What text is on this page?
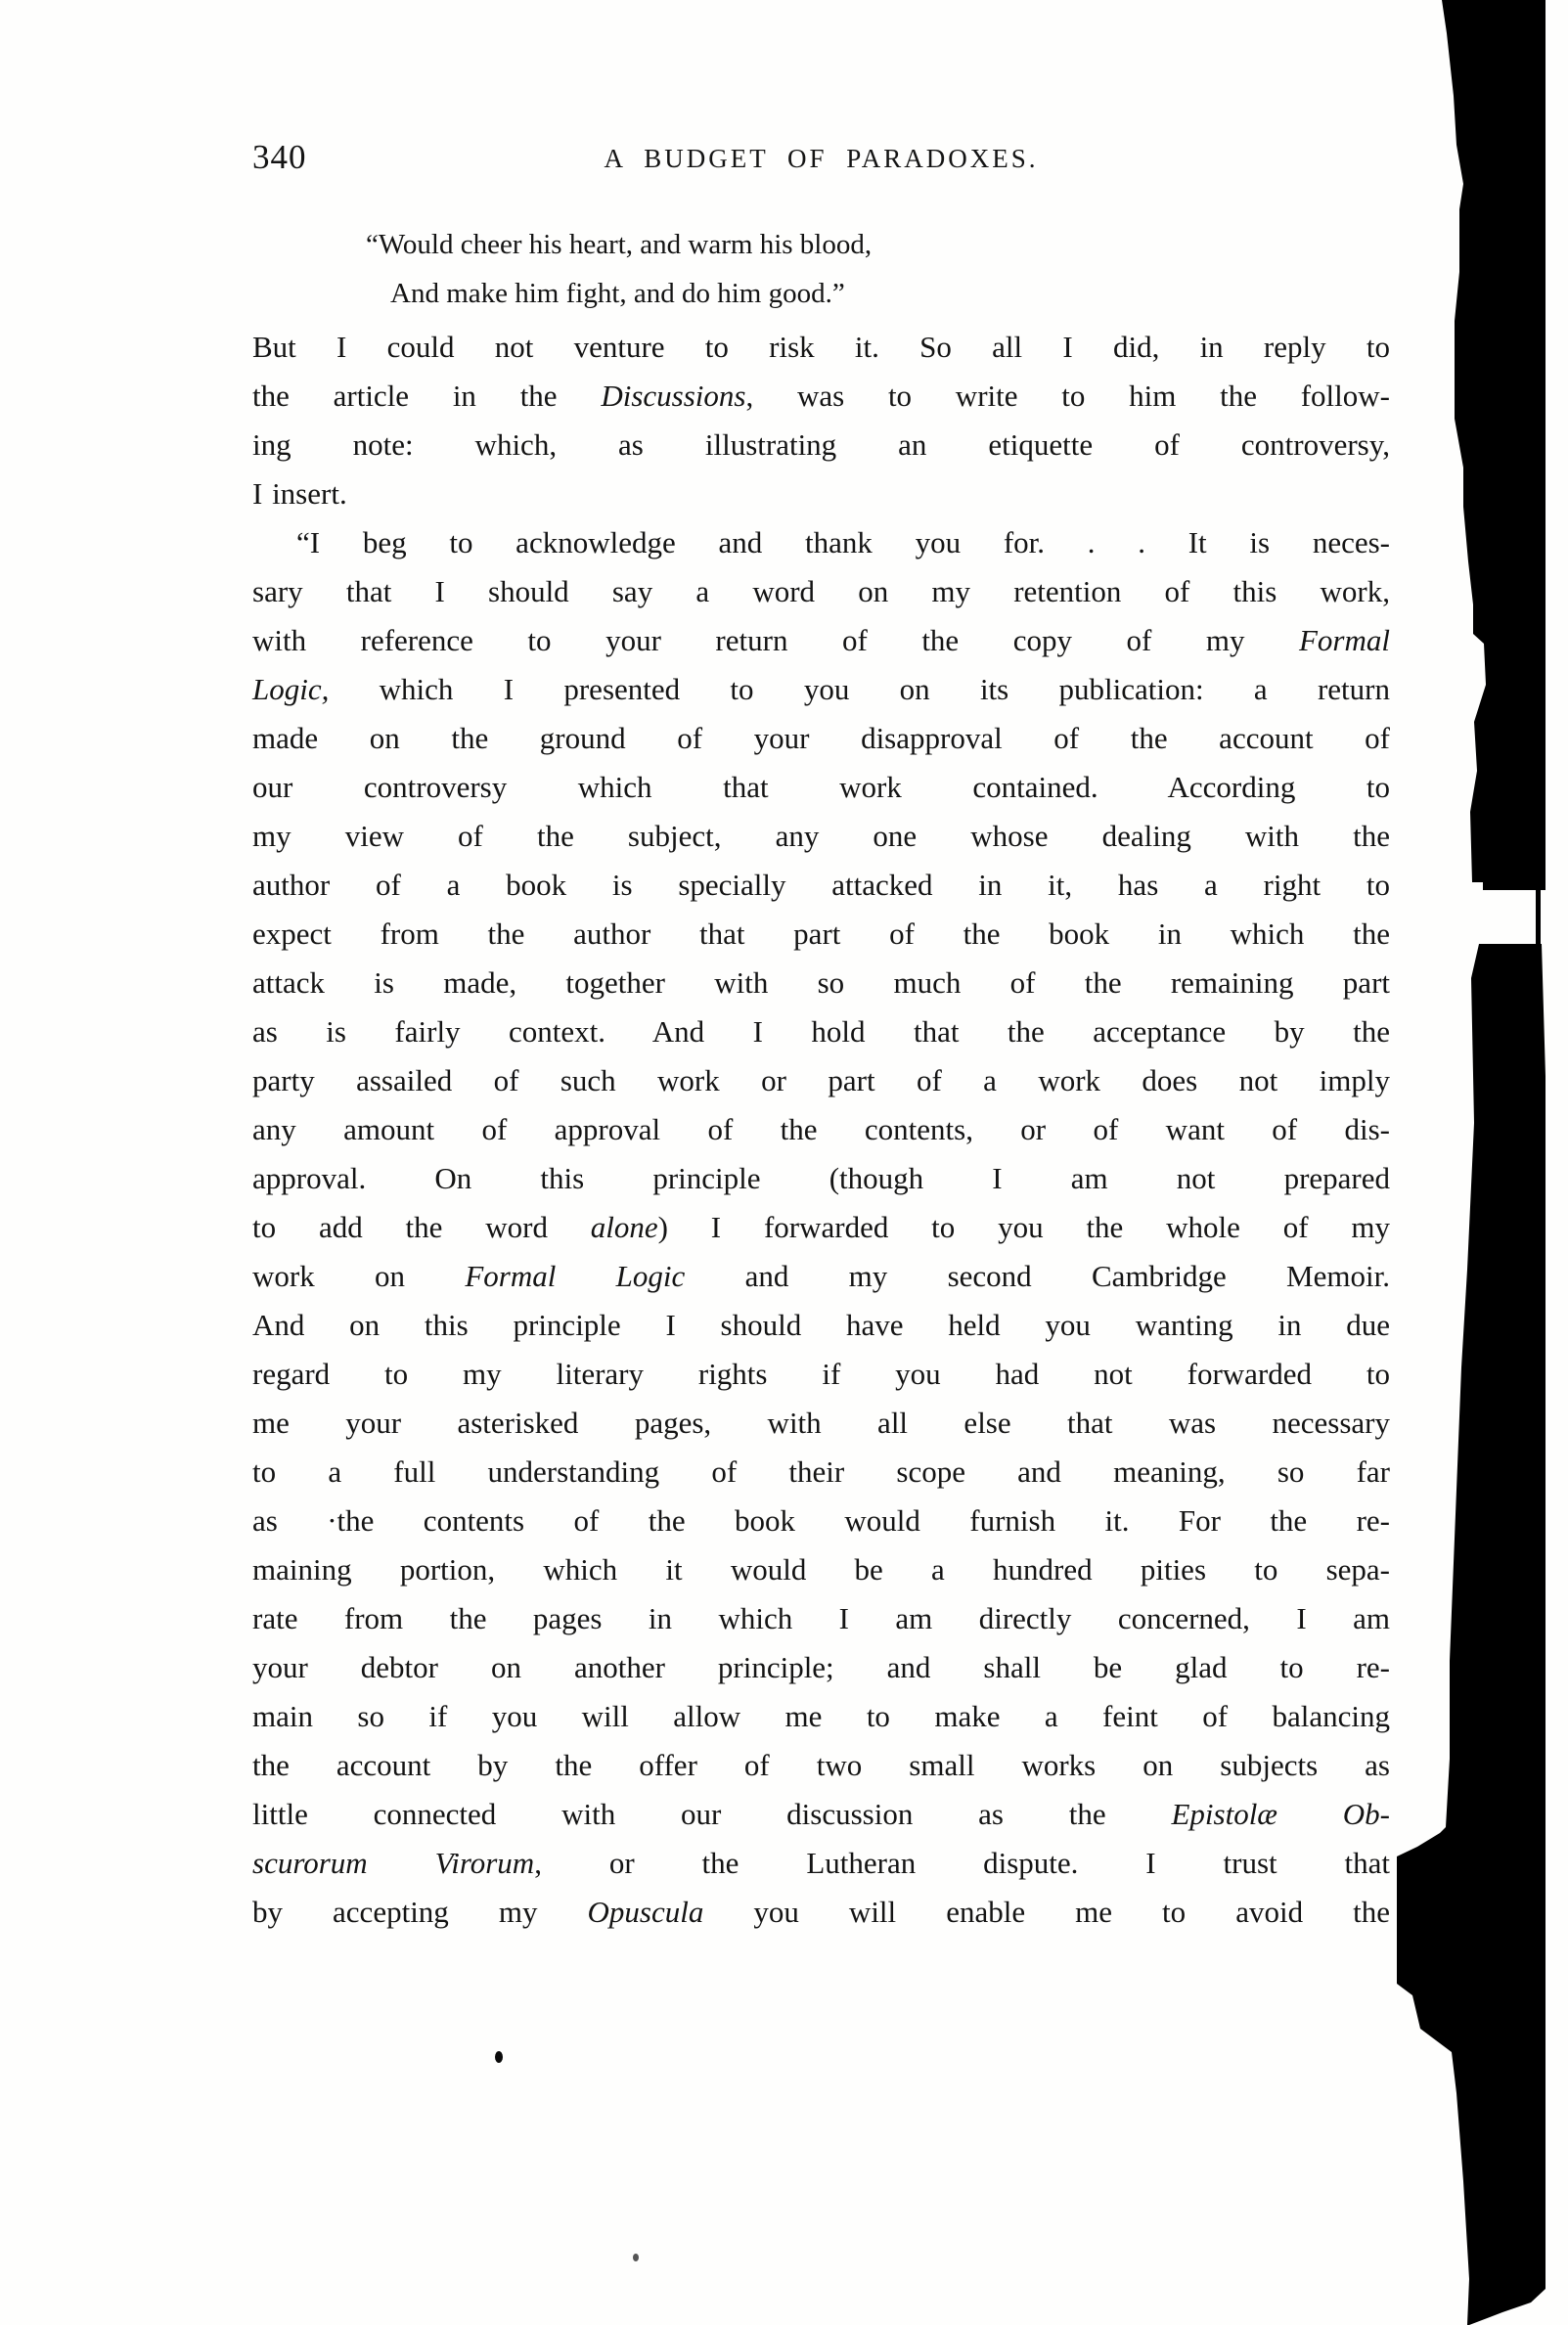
340	A BUDGET OF PARADOXES.
“Would cheer his heart, and warm his blood,
And make him fight, and do him good.”
But I could not venture to risk it. So all I did, in reply to
the article in the Discussions, was to write to him the follow-
ing note: which, as illustrating an etiquette of controversy,
I insert.
“I beg to acknowledge and thank you for. . . It is neces-
sary that I should say a word on my retention of this work,
with reference to your return of the copy of my Formal
Logic, which I presented to you on its publication: a return
made on the ground of your disapproval of the account of
our controversy which that work contained. According to
my view of the subject, any one whose dealing with the
author of a book is specially attacked in it, has a right to
expect from the author that part of the book in which the
attack is made, together with so much of the remaining part
as is fairly context. And I hold that the acceptance by the
party assailed of such work or part of a work does not imply
any amount of approval of the contents, or of want of dis-
approval. On this principle (though I am not prepared
to add the word alone) I forwarded to you the whole of my
work on Formal Logic and my second Cambridge Memoir.
And on this principle I should have held you wanting in due
regard to my literary rights if you had not forwarded to
me your asterisked pages, with all else that was necessary
to a full understanding of their scope and meaning, so far
as ·the contents of the book would furnish it. For the re-
maining portion, which it would be a hundred pities to sepa-
rate from the pages in which I am directly concerned, I am
your debtor on another principle; and shall be glad to re-
main so if you will allow me to make a feint of balancing
the account by the offer of two small works on subjects as
little connected with our discussion as the Epistolæ Ob-
scurorum Virorum, or the Lutheran dispute. I trust that
by accepting my Opuscula you will enable me to avoid the
